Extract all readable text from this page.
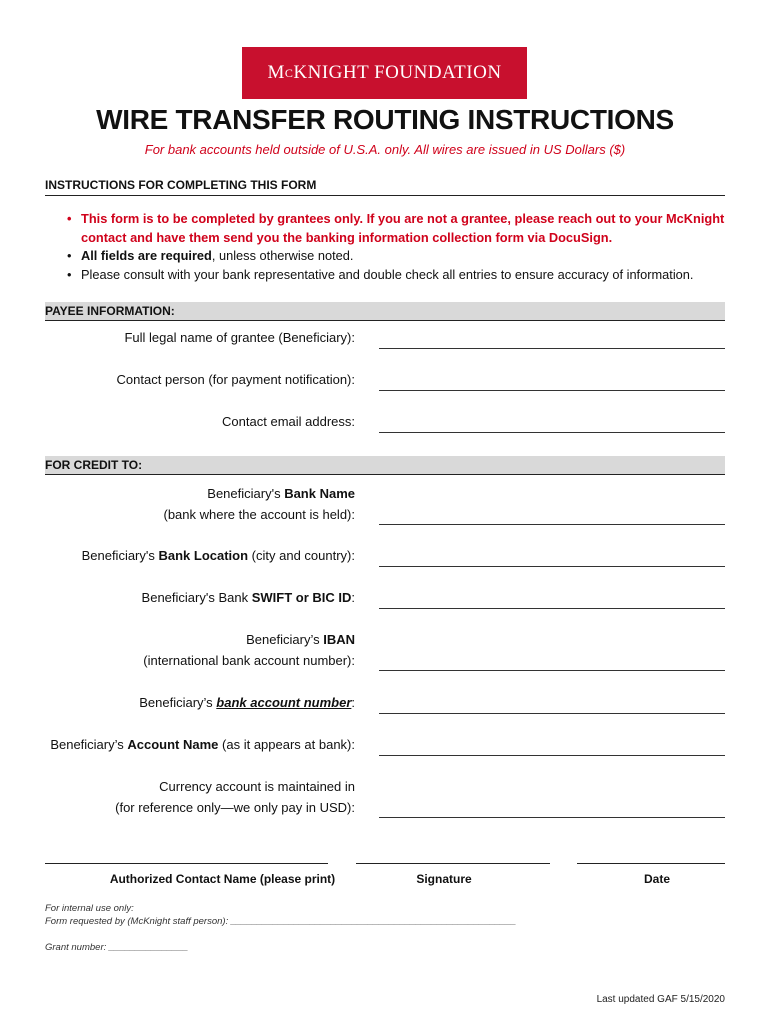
M C KNIGHT FOUNDATION
WIRE TRANSFER ROUTING INSTRUCTIONS
For bank accounts held outside of U.S.A. only. All wires are issued in US Dollars ($)
INSTRUCTIONS FOR COMPLETING THIS FORM
• This form is to be completed by grantees only. If you are not a grantee, please reach out to your McKnight contact and have them send you the banking information collection form via DocuSign.
• All fields are required, unless otherwise noted.
• Please consult with your bank representative and double check all entries to ensure accuracy of information.
PAYEE INFORMATION:
Full legal name of grantee (Beneficiary):
Contact person (for payment notification):
Contact email address:
FOR CREDIT TO:
Beneficiary's Bank Name
(bank where the account is held):
Beneficiary's Bank Location (city and country):
Beneficiary's Bank SWIFT or BIC ID:
Beneficiary’s IBAN
(international bank account number):
Beneficiary’s bank account number:
Beneficiary’s Account Name (as it appears at bank):
Currency account is maintained in
(for reference only—we only pay in USD):
Authorized Contact Name (please print)	Signature	Date
For internal use only:
Form requested by (McKnight staff person): ______________________________________________________
Grant number: _______________
Last updated GAF 5/15/2020
